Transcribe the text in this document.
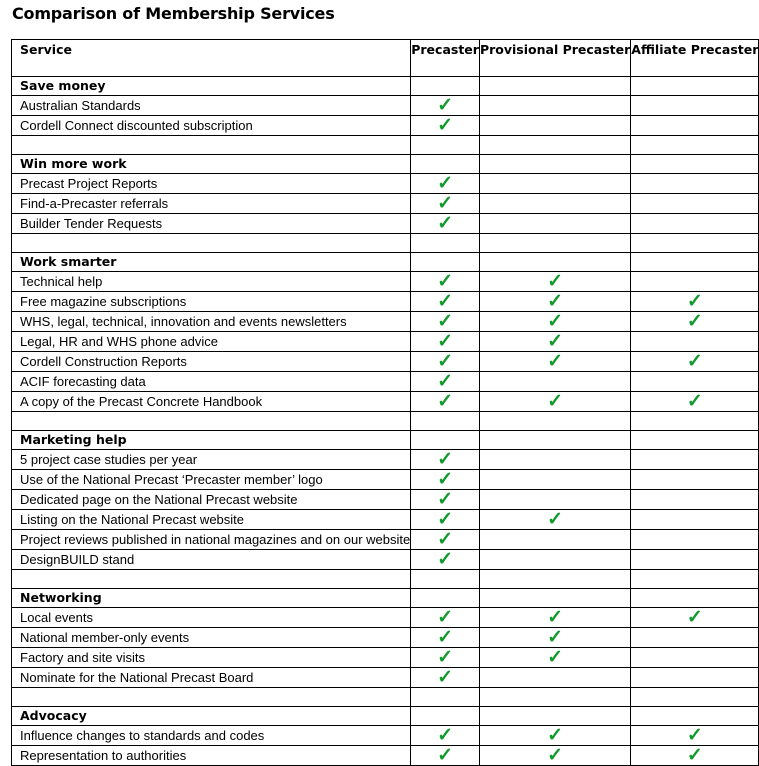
Comparison of Membership Services
Service	Precaster	Provisional Precaster	Affiliate Precaster
Save money			
Australian Standards	✓		
Cordell Connect discounted subscription	✓		

Win more work			
Precast Project Reports	✓		
Find-a-Precaster referrals	✓		
Builder Tender Requests	✓		

Work smarter			
Technical help	✓	✓	
Free magazine subscriptions	✓	✓	✓
WHS, legal, technical, innovation and events newsletters	✓	✓	✓
Legal, HR and WHS phone advice	✓	✓	
Cordell Construction Reports	✓	✓	✓
ACIF forecasting data	✓		
A copy of the Precast Concrete Handbook	✓	✓	✓

Marketing help			
5 project case studies per year	✓		
Use of the National Precast ‘Precaster member’ logo	✓		
Dedicated page on the National Precast website	✓		
Listing on the National Precast website	✓	✓	
Project reviews published in national magazines and on our website	✓		
DesignBUILD stand	✓		

Networking			
Local events	✓	✓	✓
National member-only events	✓	✓	
Factory and site visits	✓	✓	
Nominate for the National Precast Board	✓		

Advocacy			
Influence changes to standards and codes	✓	✓	✓
Representation to authorities	✓	✓	✓
